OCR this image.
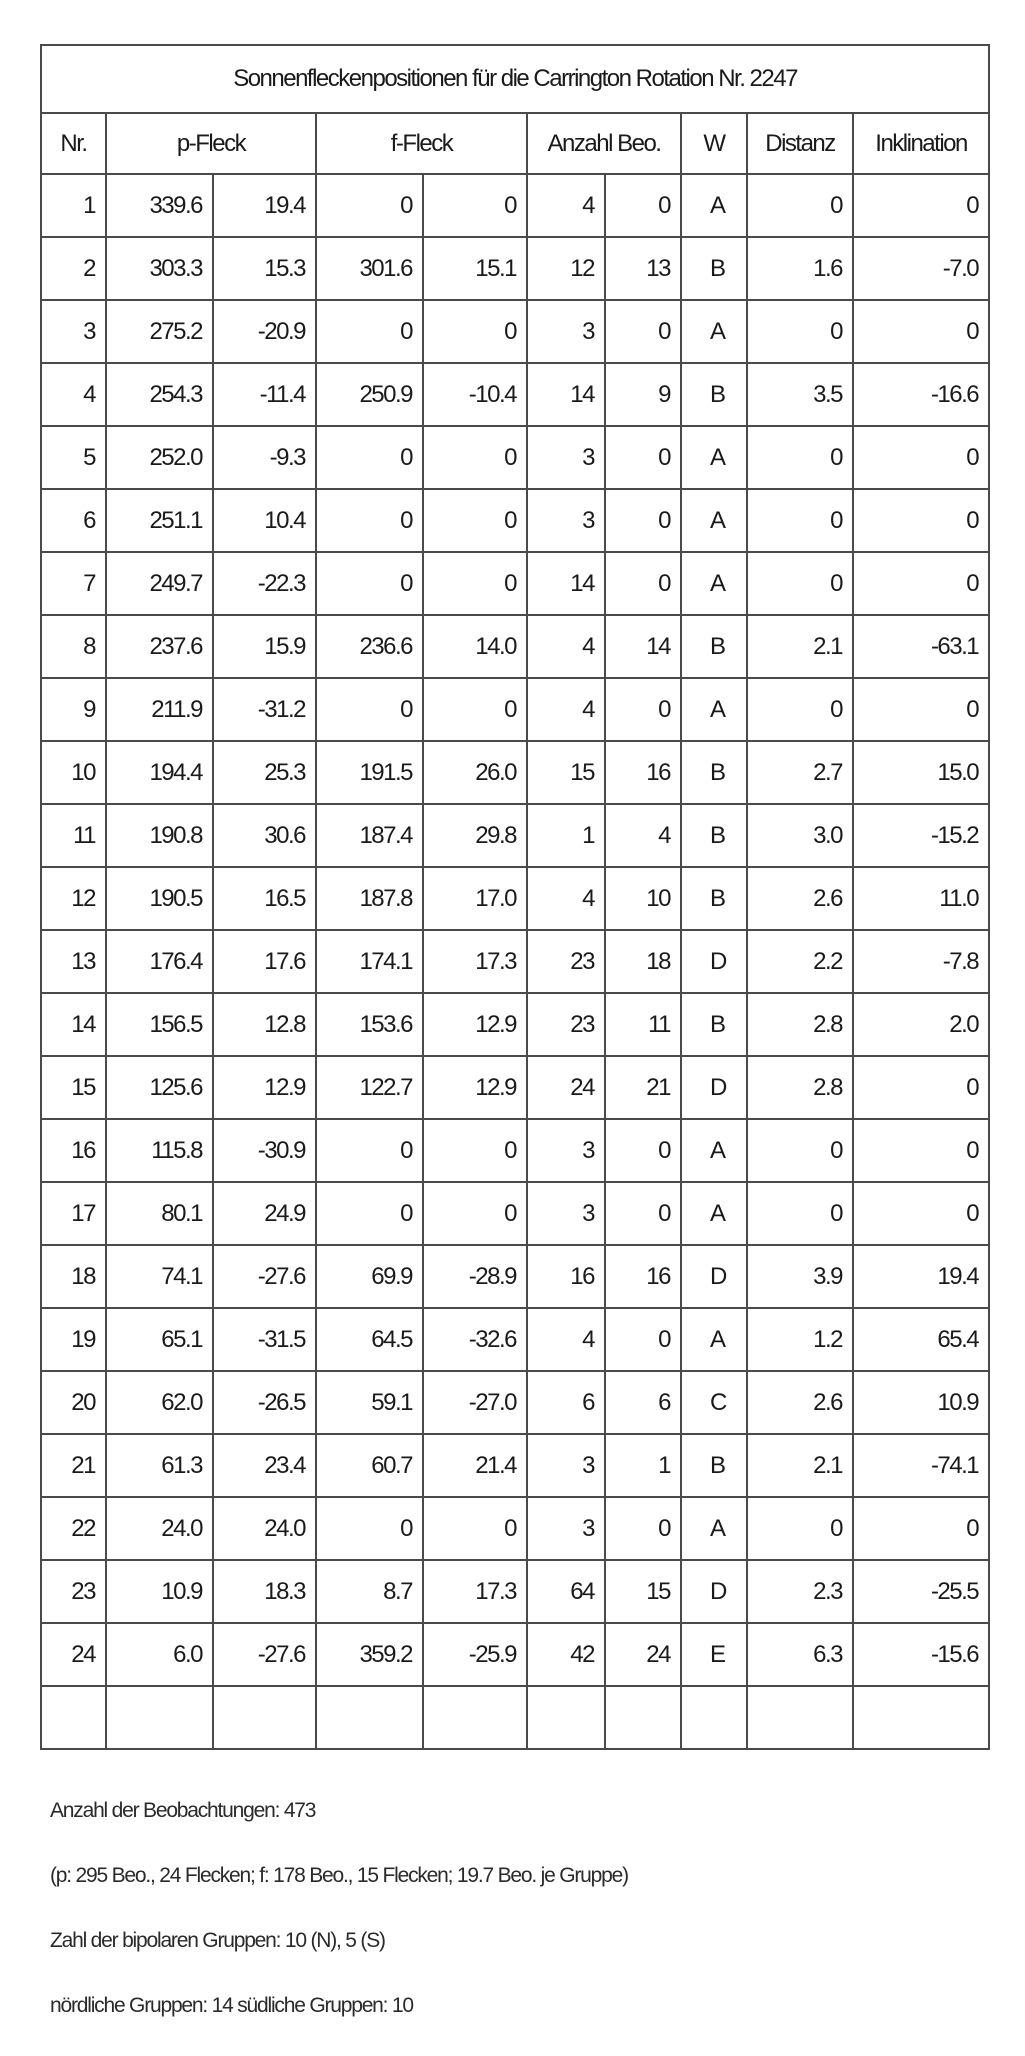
Sonnenfleckenpositionen für die Carrington Rotation Nr. 2247									
Nr.	p-Fleck		f-Fleck		Anzahl Beo.		W	Distanz	Inklination
1	339.6	19.4	0	0	4	0	A	0	0
2	303.3	15.3	301.6	15.1	12	13	B	1.6	-7.0
3	275.2	-20.9	0	0	3	0	A	0	0
4	254.3	-11.4	250.9	-10.4	14	9	B	3.5	-16.6
5	252.0	-9.3	0	0	3	0	A	0	0
6	251.1	10.4	0	0	3	0	A	0	0
7	249.7	-22.3	0	0	14	0	A	0	0
8	237.6	15.9	236.6	14.0	4	14	B	2.1	-63.1
9	211.9	-31.2	0	0	4	0	A	0	0
10	194.4	25.3	191.5	26.0	15	16	B	2.7	15.0
11	190.8	30.6	187.4	29.8	1	4	B	3.0	-15.2
12	190.5	16.5	187.8	17.0	4	10	B	2.6	11.0
13	176.4	17.6	174.1	17.3	23	18	D	2.2	-7.8
14	156.5	12.8	153.6	12.9	23	11	B	2.8	2.0
15	125.6	12.9	122.7	12.9	24	21	D	2.8	0
16	115.8	-30.9	0	0	3	0	A	0	0
17	80.1	24.9	0	0	3	0	A	0	0
18	74.1	-27.6	69.9	-28.9	16	16	D	3.9	19.4
19	65.1	-31.5	64.5	-32.6	4	0	A	1.2	65.4
20	62.0	-26.5	59.1	-27.0	6	6	C	2.6	10.9
21	61.3	23.4	60.7	21.4	3	1	B	2.1	-74.1
22	24.0	24.0	0	0	3	0	A	0	0
23	10.9	18.3	8.7	17.3	64	15	D	2.3	-25.5
24	6.0	-27.6	359.2	-25.9	42	24	E	6.3	-15.6

Anzahl der Beobachtungen: 473

(p: 295 Beo., 24 Flecken; f: 178 Beo., 15 Flecken; 19.7 Beo. je Gruppe)

Zahl der bipolaren Gruppen: 10 (N), 5 (S)

nördliche Gruppen: 14 südliche Gruppen: 10
